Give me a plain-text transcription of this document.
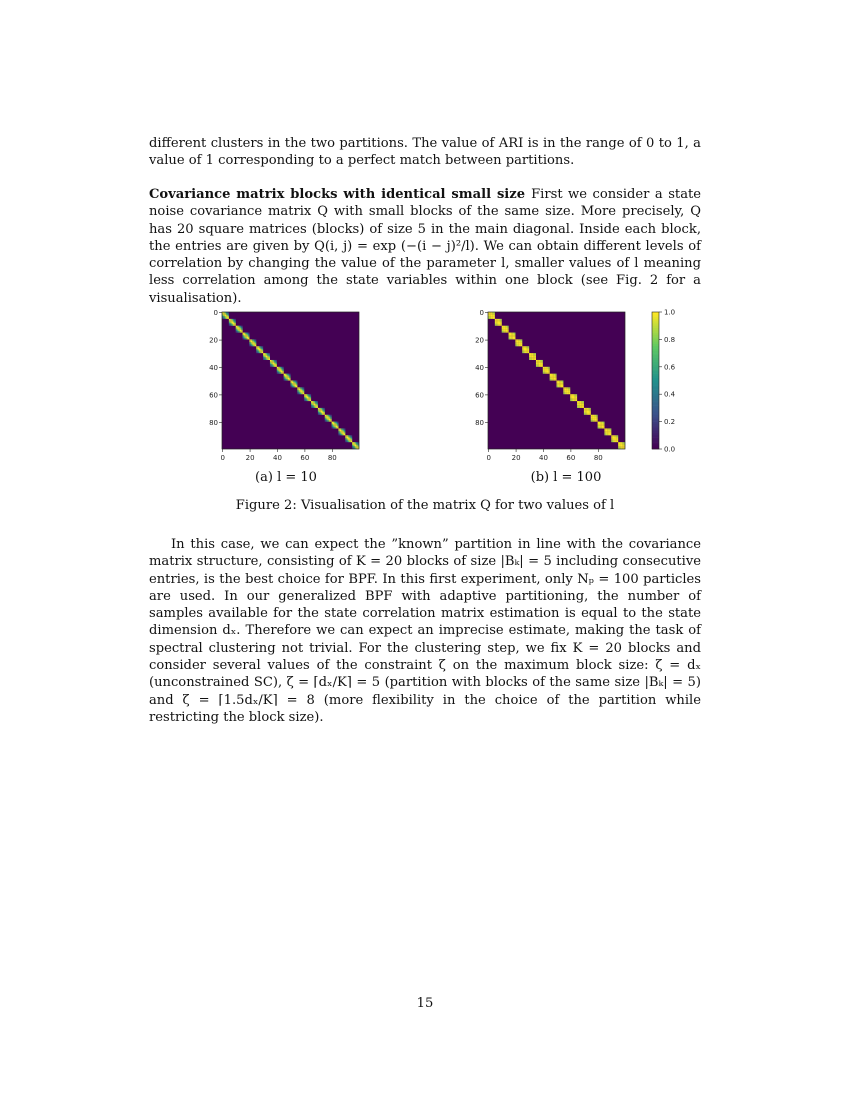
different clusters in the two partitions. The value of ARI is in the range of 0 to 1, a value of 1 corresponding to a perfect match between partitions.

Covariance matrix blocks with identical small size First we consider a state noise covariance matrix Q with small blocks of the same size. More precisely, Q has 20 square matrices (blocks) of size 5 in the main diagonal. Inside each block, the entries are given by Q(i, j) = exp (−(i − j)²/l). We can obtain different levels of correlation by changing the value of the parameter l, smaller values of l meaning less correlation among the state variables within one block (see Fig. 2 for a visualisation).

0	20	40	60	80
0
20
40
60
80
0	20	40	60	80
0
20
40
60
80
0.0
0.2
0.4
0.6
0.8
1.0
(a) l = 10	(b) l = 100
Figure 2: Visualisation of the matrix Q for two values of l

In this case, we can expect the ”known” partition in line with the covariance matrix structure, consisting of K = 20 blocks of size |Bₖ| = 5 including consecutive entries, is the best choice for BPF. In this first experiment, only Nₚ = 100 particles are used. In our generalized BPF with adaptive partitioning, the number of samples available for the state correlation matrix estimation is equal to the state dimension dₓ. Therefore we can expect an imprecise estimate, making the task of spectral clustering not trivial. For the clustering step, we fix K = 20 blocks and consider several values of the constraint ζ on the maximum block size: ζ = dₓ (unconstrained SC), ζ = ⌈dₓ/K⌉ = 5 (partition with blocks of the same size |Bₖ| = 5) and ζ = ⌈1.5dₓ/K⌉ = 8 (more flexibility in the choice of the partition while restricting the block size).

15
